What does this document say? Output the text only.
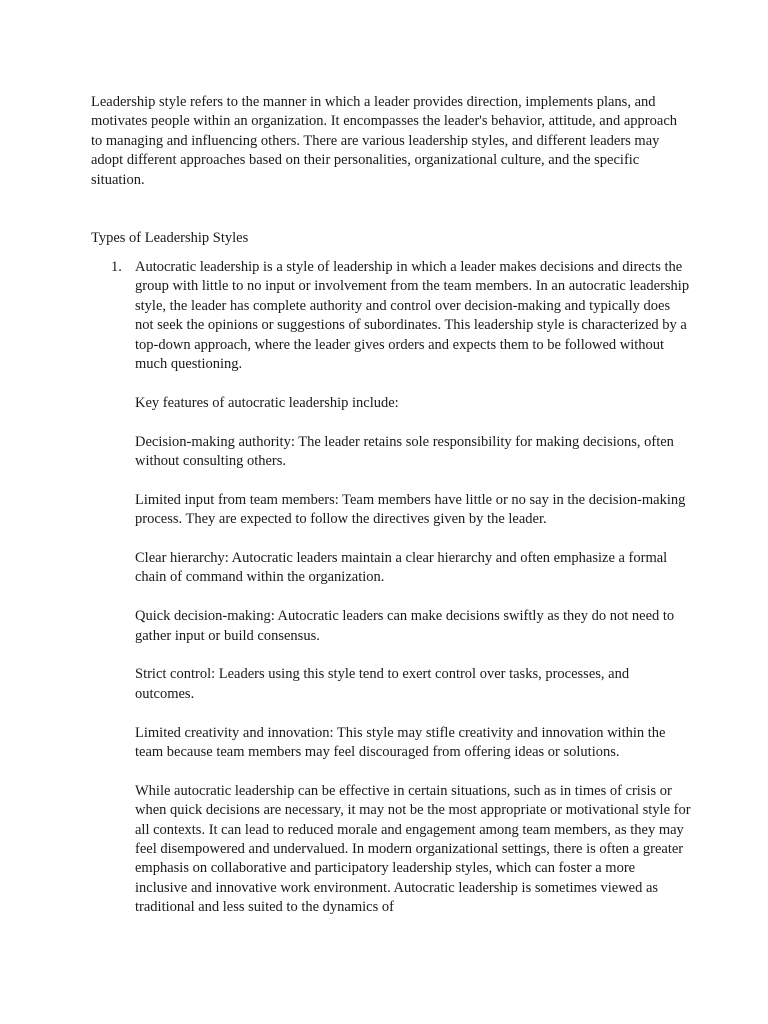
Leadership style refers to the manner in which a leader provides direction, implements plans, and motivates people within an organization. It encompasses the leader's behavior, attitude, and approach to managing and influencing others. There are various leadership styles, and different leaders may adopt different approaches based on their personalities, organizational culture, and the specific situation.

Types of Leadership Styles
1. Autocratic leadership is a style of leadership in which a leader makes decisions and directs the group with little to no input or involvement from the team members. In an autocratic leadership style, the leader has complete authority and control over decision-making and typically does not seek the opinions or suggestions of subordinates. This leadership style is characterized by a top-down approach, where the leader gives orders and expects them to be followed without much questioning.

Key features of autocratic leadership include:

Decision-making authority: The leader retains sole responsibility for making decisions, often without consulting others.

Limited input from team members: Team members have little or no say in the decision-making process. They are expected to follow the directives given by the leader.

Clear hierarchy: Autocratic leaders maintain a clear hierarchy and often emphasize a formal chain of command within the organization.

Quick decision-making: Autocratic leaders can make decisions swiftly as they do not need to gather input or build consensus.

Strict control: Leaders using this style tend to exert control over tasks, processes, and outcomes.

Limited creativity and innovation: This style may stifle creativity and innovation within the team because team members may feel discouraged from offering ideas or solutions.

While autocratic leadership can be effective in certain situations, such as in times of crisis or when quick decisions are necessary, it may not be the most appropriate or motivational style for all contexts. It can lead to reduced morale and engagement among team members, as they may feel disempowered and undervalued. In modern organizational settings, there is often a greater emphasis on collaborative and participatory leadership styles, which can foster a more inclusive and innovative work environment. Autocratic leadership is sometimes viewed as traditional and less suited to the dynamics of
